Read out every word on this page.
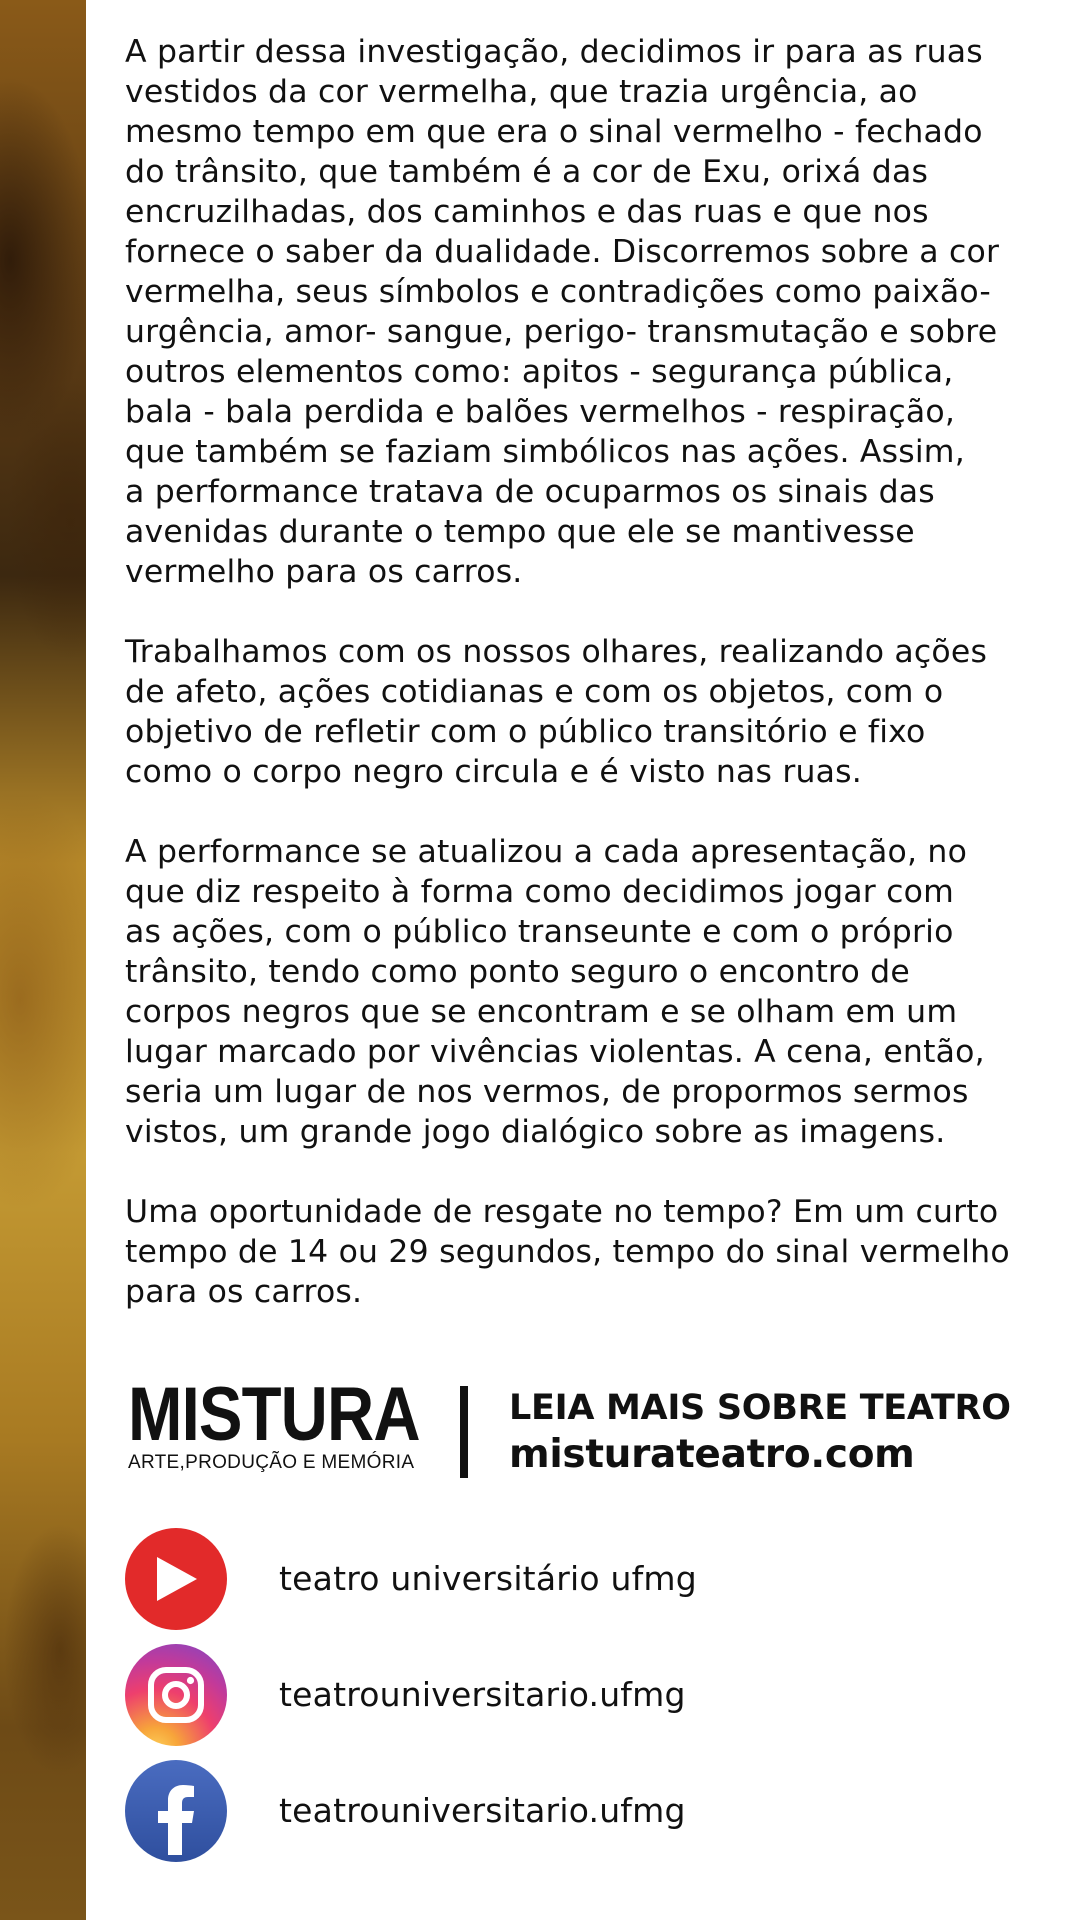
A partir dessa investigação, decidimos ir para as ruas
vestidos da cor vermelha, que trazia urgência, ao
mesmo tempo em que era o sinal vermelho - fechado
do trânsito, que também é a cor de Exu, orixá das
encruzilhadas, dos caminhos e das ruas e que nos
fornece o saber da dualidade. Discorremos sobre a cor
vermelha, seus símbolos e contradições como paixão-
urgência, amor- sangue, perigo- transmutação e sobre
outros elementos como: apitos - segurança pública,
bala - bala perdida e balões vermelhos - respiração,
que também se faziam simbólicos nas ações. Assim,
a performance tratava de ocuparmos os sinais das
avenidas durante o tempo que ele se mantivesse
vermelho para os carros.

Trabalhamos com os nossos olhares, realizando ações
de afeto, ações cotidianas e com os objetos, com o
objetivo de refletir com o público transitório e fixo
como o corpo negro circula e é visto nas ruas.

A performance se atualizou a cada apresentação, no
que diz respeito à forma como decidimos jogar com
as ações, com o público transeunte e com o próprio
trânsito, tendo como ponto seguro o encontro de
corpos negros que se encontram e se olham em um
lugar marcado por vivências violentas. A cena, então,
seria um lugar de nos vermos, de propormos sermos
vistos, um grande jogo dialógico sobre as imagens.

Uma oportunidade de resgate no tempo? Em um curto
tempo de 14 ou 29 segundos, tempo do sinal vermelho
para os carros.

MISTURA
ARTE,PRODUÇÃO E MEMÓRIA
LEIA MAIS SOBRE TEATRO
misturateatro.com
teatro universitário ufmg
teatrouniversitario.ufmg
teatrouniversitario.ufmg
